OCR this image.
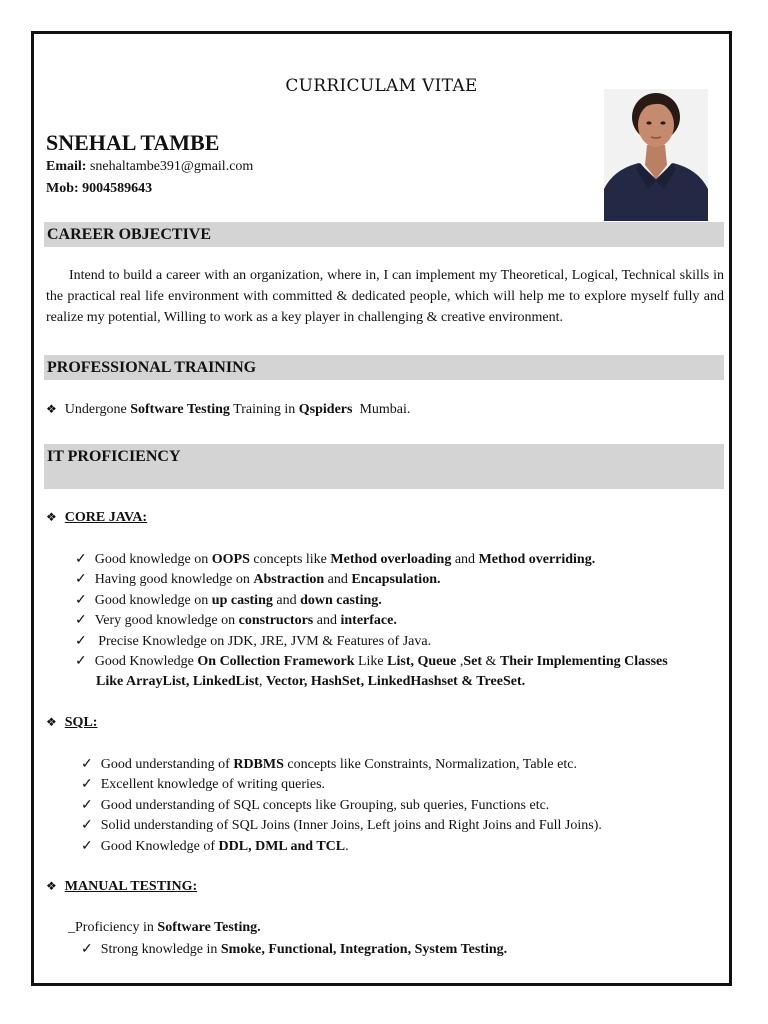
CURRICULAM VITAE
SNEHAL TAMBE
Email: snehaltambe391@gmail.com
Mob: 9004589643
CAREER OBJECTIVE
Intend to build a career with an organization, where in, I can implement my Theoretical, Logical, Technical skills in the practical real life environment with committed & dedicated people, which will help me to explore myself fully and realize my potential, Willing to work as a key player in challenging & creative environment.
PROFESSIONAL TRAINING
❖ Undergone Software Testing Training in Qspiders  Mumbai.
IT PROFICIENCY
❖ CORE JAVA:
✓ Good knowledge on OOPS concepts like Method overloading and Method overriding.
✓ Having good knowledge on Abstraction and Encapsulation.
✓ Good knowledge on up casting and down casting.
✓ Very good knowledge on constructors and interface.
✓ Precise Knowledge on JDK, JRE, JVM & Features of Java.
✓ Good Knowledge On Collection Framework Like List, Queue ,Set & Their Implementing Classes
Like ArrayList, LinkedList, Vector, HashSet, LinkedHashset & TreeSet.
❖ SQL:
✓ Good understanding of RDBMS concepts like Constraints, Normalization, Table etc.
✓ Excellent knowledge of writing queries.
✓ Good understanding of SQL concepts like Grouping, sub queries, Functions etc.
✓ Solid understanding of SQL Joins (Inner Joins, Left joins and Right Joins and Full Joins).
✓ Good Knowledge of DDL, DML and TCL.
❖ MANUAL TESTING:
_Proficiency in Software Testing.
✓ Strong knowledge in Smoke, Functional, Integration, System Testing.
